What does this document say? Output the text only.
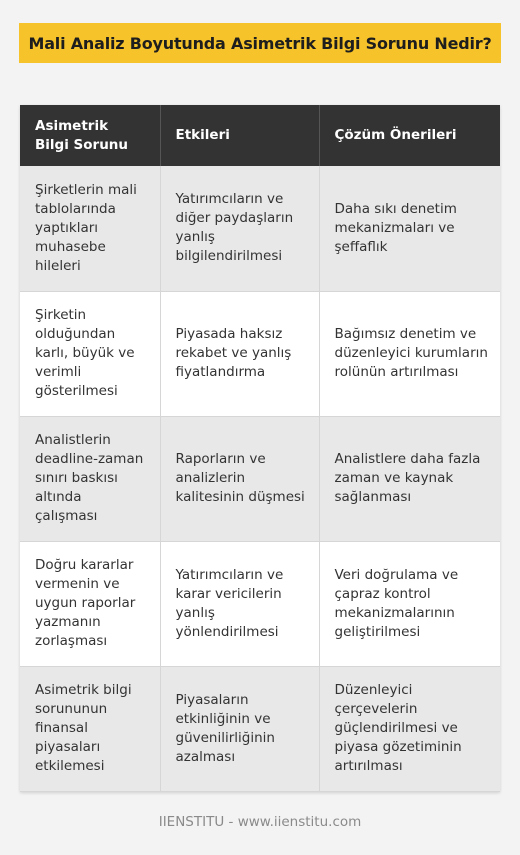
Mali Analiz Boyutunda Asimetrik Bilgi Sorunu Nedir?
Asimetrik Bilgi Sorunu	Etkileri	Çözüm Önerileri
Şirketlerin mali tablolarında yaptıkları muhasebe hileleri	Yatırımcıların ve diğer paydaşların yanlış bilgilendirilmesi	Daha sıkı denetim mekanizmaları ve şeffaflık
Şirketin olduğundan karlı, büyük ve verimli gösterilmesi	Piyasada haksız rekabet ve yanlış fiyatlandırma	Bağımsız denetim ve düzenleyici kurumların rolünün artırılması
Analistlerin deadline-zaman sınırı baskısı altında çalışması	Raporların ve analizlerin kalitesinin düşmesi	Analistlere daha fazla zaman ve kaynak sağlanması
Doğru kararlar vermenin ve uygun raporlar yazmanın zorlaşması	Yatırımcıların ve karar vericilerin yanlış yönlendirilmesi	Veri doğrulama ve çapraz kontrol mekanizmalarının geliştirilmesi
Asimetrik bilgi sorununun finansal piyasaları etkilemesi	Piyasaların etkinliğinin ve güvenilirliğinin azalması	Düzenleyici çerçevelerin güçlendirilmesi ve piyasa gözetiminin artırılması
IIENSTITU - www.iienstitu.com
